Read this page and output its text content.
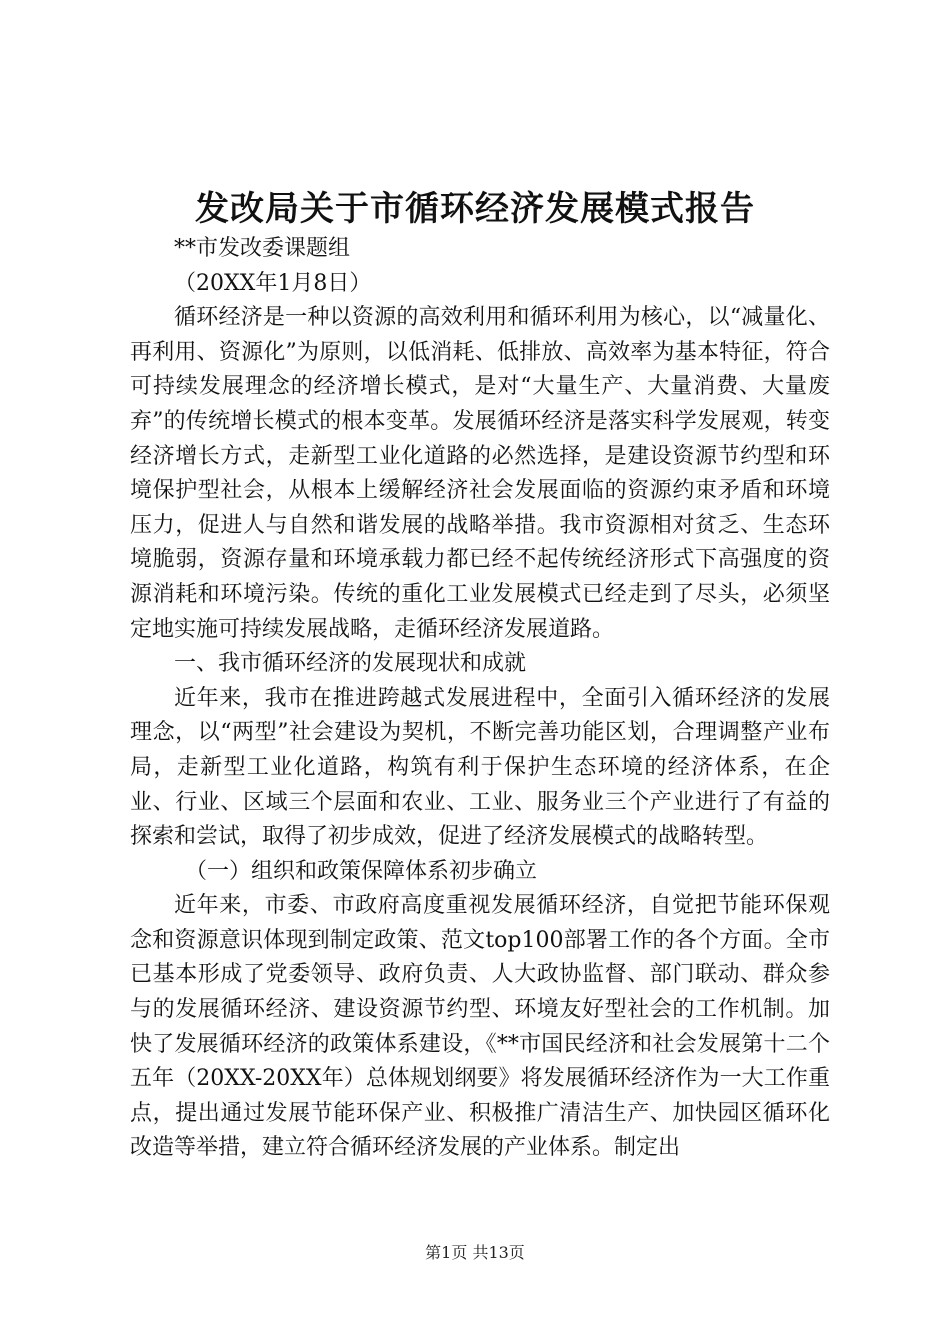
发改局关于市循环经济发展模式报告

**市发改委课题组

（20XX年1月8日）

循环经济是一种以资源的高效利用和循环利用为核心，以“减量化、再利用、资源化”为原则，以低消耗、低排放、高效率为基本特征，符合可持续发展理念的经济增长模式，是对“大量生产、大量消费、大量废弃”的传统增长模式的根本变革。发展循环经济是落实科学发展观，转变经济增长方式，走新型工业化道路的必然选择，是建设资源节约型和环境保护型社会，从根本上缓解经济社会发展面临的资源约束矛盾和环境压力，促进人与自然和谐发展的战略举措。我市资源相对贫乏、生态环境脆弱，资源存量和环境承载力都已经不起传统经济形式下高强度的资源消耗和环境污染。传统的重化工业发展模式已经走到了尽头，必须坚定地实施可持续发展战略，走循环经济发展道路。

一、我市循环经济的发展现状和成就

近年来，我市在推进跨越式发展进程中，全面引入循环经济的发展理念，以“两型”社会建设为契机，不断完善功能区划，合理调整产业布局，走新型工业化道路，构筑有利于保护生态环境的经济体系，在企业、行业、区域三个层面和农业、工业、服务业三个产业进行了有益的探索和尝试，取得了初步成效，促进了经济发展模式的战略转型。

（一）组织和政策保障体系初步确立

近年来，市委、市政府高度重视发展循环经济，自觉把节能环保观念和资源意识体现到制定政策、范文top100部署工作的各个方面。全市已基本形成了党委领导、政府负责、人大政协监督、部门联动、群众参与的发展循环经济、建设资源节约型、环境友好型社会的工作机制。加快了发展循环经济的政策体系建设，《**市国民经济和社会发展第十二个五年（20XX-20XX年）总体规划纲要》将发展循环经济作为一大工作重点，提出通过发展节能环保产业、积极推广清洁生产、加快园区循环化改造等举措，建立符合循环经济发展的产业体系。制定出

第1页 共13页
